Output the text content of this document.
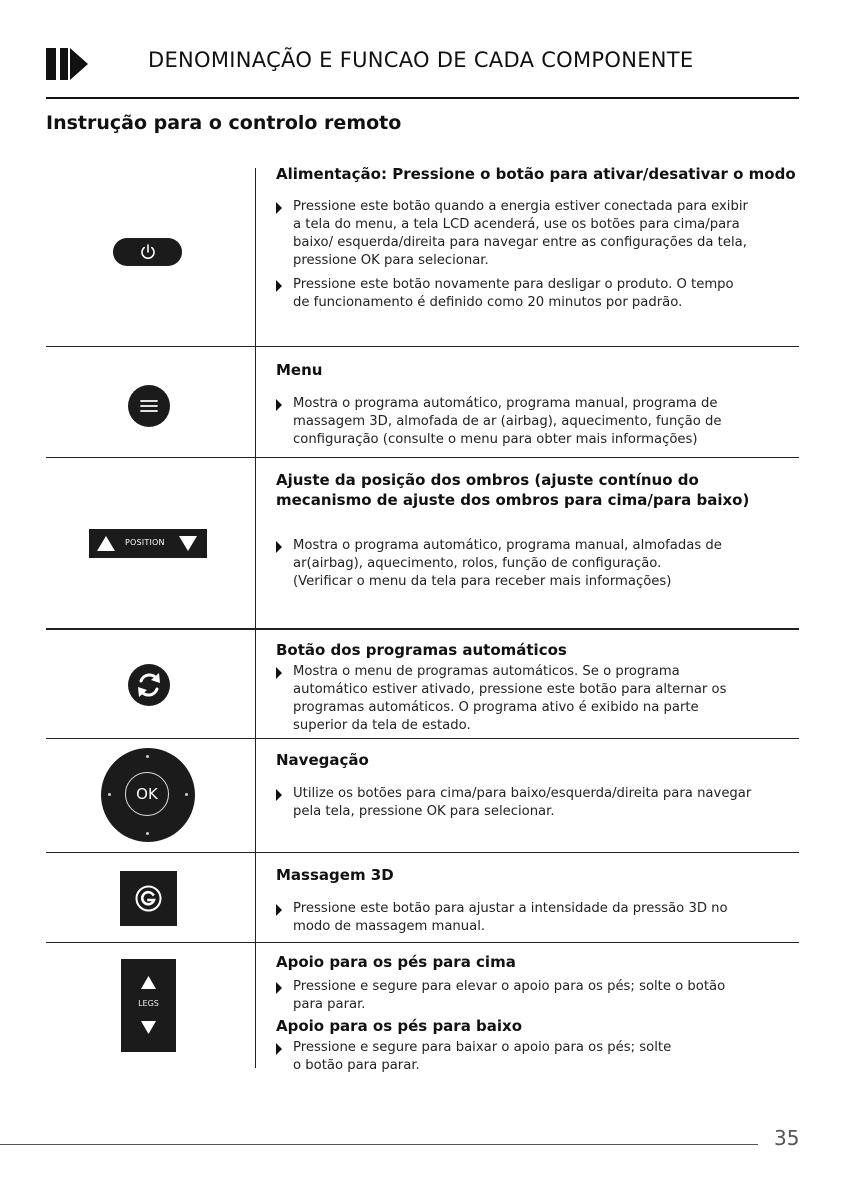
DENOMINAÇÃO E FUNCAO DE CADA COMPONENTE
Instrução para o controlo remoto
Alimentação: Pressione o botão para ativar/desativar o modo
Pressione este botão quando a energia estiver conectada para exibir
a tela do menu, a tela LCD acenderá, use os botões para cima/para
baixo/ esquerda/direita para navegar entre as configurações da tela,
pressione OK para selecionar.
Pressione este botão novamente para desligar o produto. O tempo
de funcionamento é definido como 20 minutos por padrão.
Menu
Mostra o programa automático, programa manual, programa de
massagem 3D, almofada de ar (airbag), aquecimento, função de
configuração (consulte o menu para obter mais informações)
POSITION
Ajuste da posição dos ombros (ajuste contínuo do
mecanismo de ajuste dos ombros para cima/para baixo)
Mostra o programa automático, programa manual, almofadas de
ar(airbag), aquecimento, rolos, função de configuração.
(Verificar o menu da tela para receber mais informações)
Botão dos programas automáticos
Mostra o menu de programas automáticos. Se o programa
automático estiver ativado, pressione este botão para alternar os
programas automáticos. O programa ativo é exibido na parte
superior da tela de estado.
OK
Navegação
Utilize os botões para cima/para baixo/esquerda/direita para navegar
pela tela, pressione OK para selecionar.
Massagem 3D
Pressione este botão para ajustar a intensidade da pressão 3D no
modo de massagem manual.
LEGS
Apoio para os pés para cima
Pressione e segure para elevar o apoio para os pés; solte o botão
para parar.
Apoio para os pés para baixo
Pressione e segure para baixar o apoio para os pés; solte
o botão para parar.
35
